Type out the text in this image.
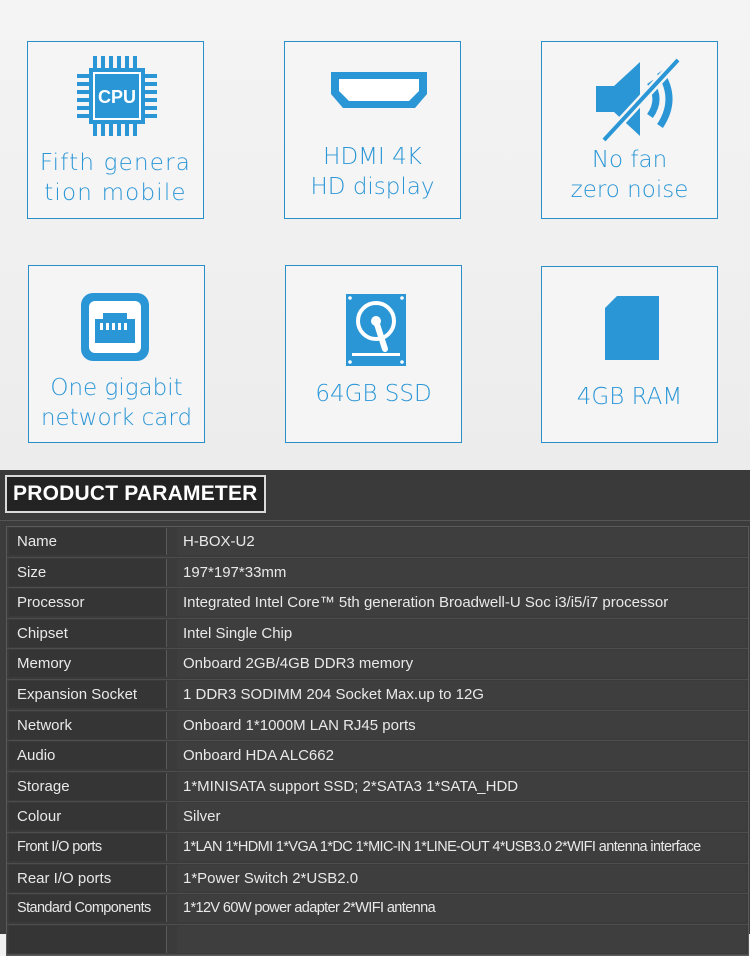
CPU
Fifth genera
tion mobile
HDMI 4K
HD display
No fan
zero noise
One gigabit
network card
64GB SSD	4GB RAM
PRODUCT PARAMETER
Name	H-BOX-U2
Size	197*197*33mm
Processor	Integrated Intel Core™ 5th generation Broadwell-U Soc i3/i5/i7 processor
Chipset	Intel Single Chip
Memory	Onboard 2GB/4GB DDR3 memory
Expansion Socket	1 DDR3 SODIMM 204 Socket Max.up to 12G
Network	Onboard 1*1000M LAN RJ45 ports
Audio	Onboard HDA ALC662
Storage	1*MINISATA support SSD; 2*SATA3 1*SATA_HDD
Colour	Silver
Front I/O ports	1*LAN 1*HDMI 1*VGA 1*DC 1*MIC-IN 1*LINE-OUT 4*USB3.0 2*WIFI antenna interface
Rear I/O ports	1*Power Switch 2*USB2.0
Standard Components	1*12V 60W power adapter 2*WIFI antenna
